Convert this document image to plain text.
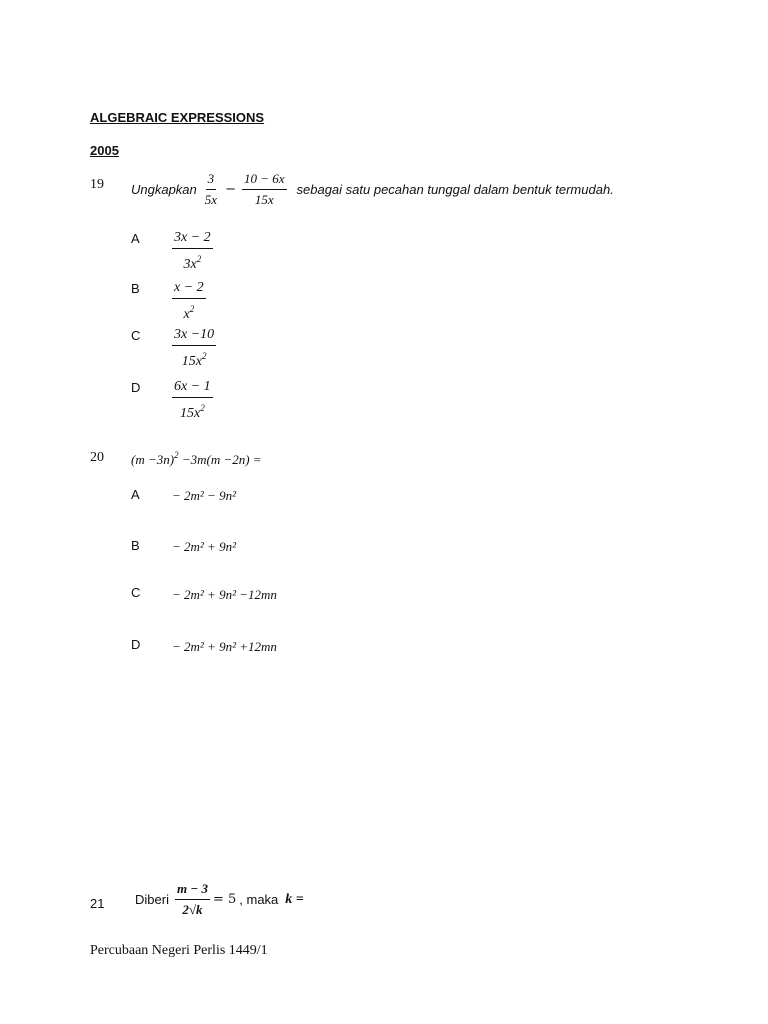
ALGEBRAIC EXPRESSIONS
2005
19 Ungkapkan $\frac{3}{5x} - \frac{10 - 6x}{15x}$ sebagai satu pecahan tunggal dalam bentuk termudah.
A $\frac{3x - 2}{3x^2}$
B $\frac{x - 2}{x^2}$
C $\frac{3x -10}{15x^2}$
D $\frac{6x - 1}{15x^2}$
20 $(m -3n)^2 -3m(m -2n)$ =
A − 2m² − 9n²
B − 2m² + 9n²
C − 2m² + 9n² −12mn
D − 2m² + 9n² +12mn
21 Diberi $\frac{m - 3}{2√k} = 5$ , maka k =
Percubaan Negeri Perlis 1449/1
